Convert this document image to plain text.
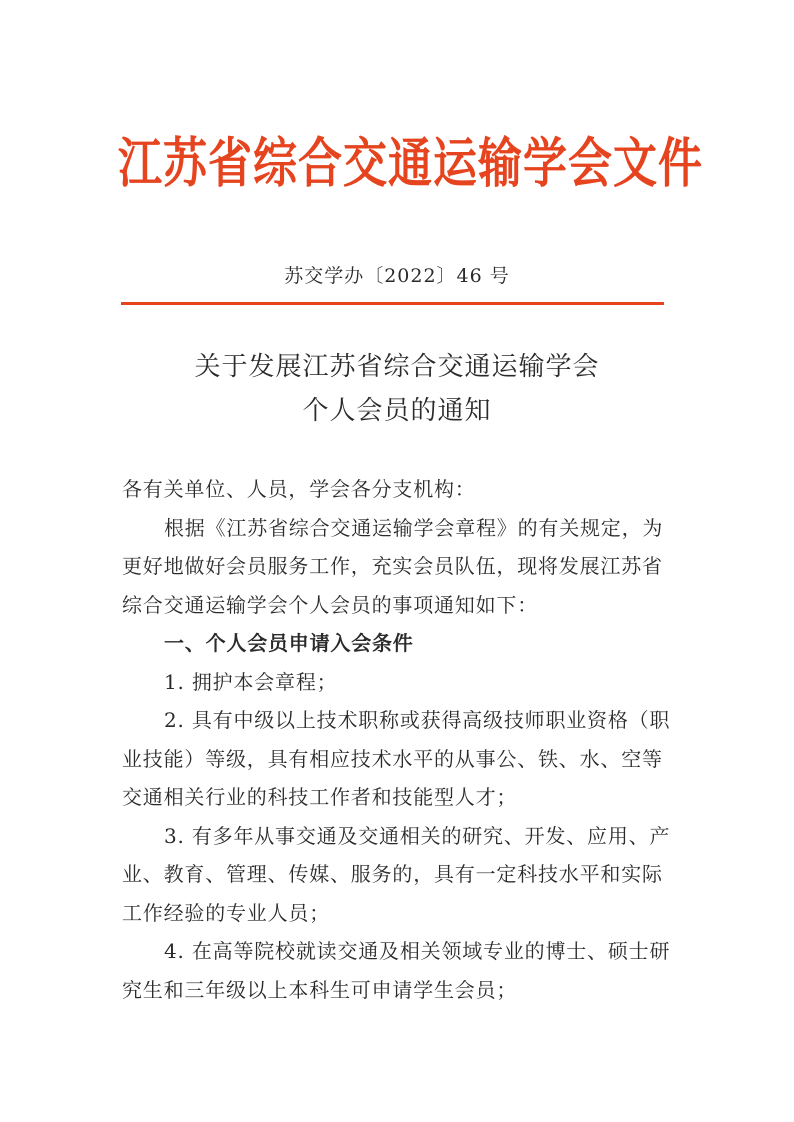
江苏省综合交通运输学会文件
苏交学办〔2022〕46 号
关于发展江苏省综合交通运输学会
个人会员的通知

各有关单位、人员，学会各分支机构：

根据《江苏省综合交通运输学会章程》的有关规定，为更好地做好会员服务工作，充实会员队伍，现将发展江苏省综合交通运输学会个人会员的事项通知如下：

一、个人会员申请入会条件

1. 拥护本会章程；

2. 具有中级以上技术职称或获得高级技师职业资格（职业技能）等级，具有相应技术水平的从事公、铁、水、空等交通相关行业的科技工作者和技能型人才；

3. 有多年从事交通及交通相关的研究、开发、应用、产业、教育、管理、传媒、服务的，具有一定科技水平和实际工作经验的专业人员；

4. 在高等院校就读交通及相关领域专业的博士、硕士研究生和三年级以上本科生可申请学生会员；
